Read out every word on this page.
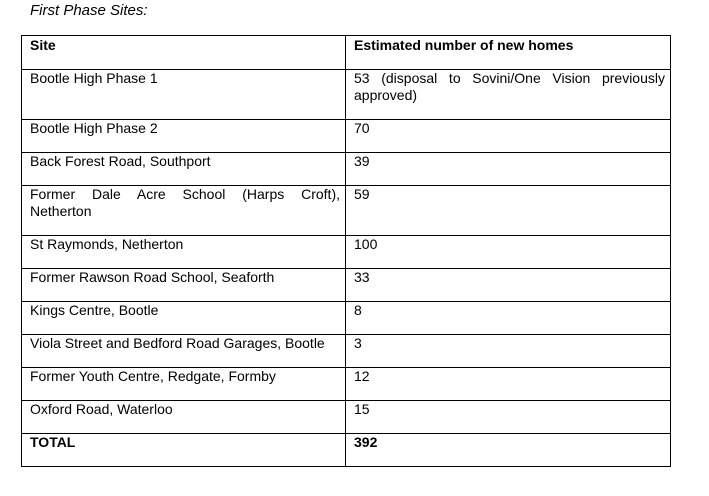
First Phase Sites:
Site	Estimated number of new homes
Bootle High Phase 1	53 (disposal to Sovini/One Vision previously approved)
Bootle High Phase 2	70
Back Forest Road, Southport	39
Former Dale Acre School (Harps Croft), Netherton	59
St Raymonds, Netherton	100
Former Rawson Road School, Seaforth	33
Kings Centre, Bootle	8
Viola Street and Bedford Road Garages, Bootle	3
Former Youth Centre, Redgate, Formby	12
Oxford Road, Waterloo	15
TOTAL	392
